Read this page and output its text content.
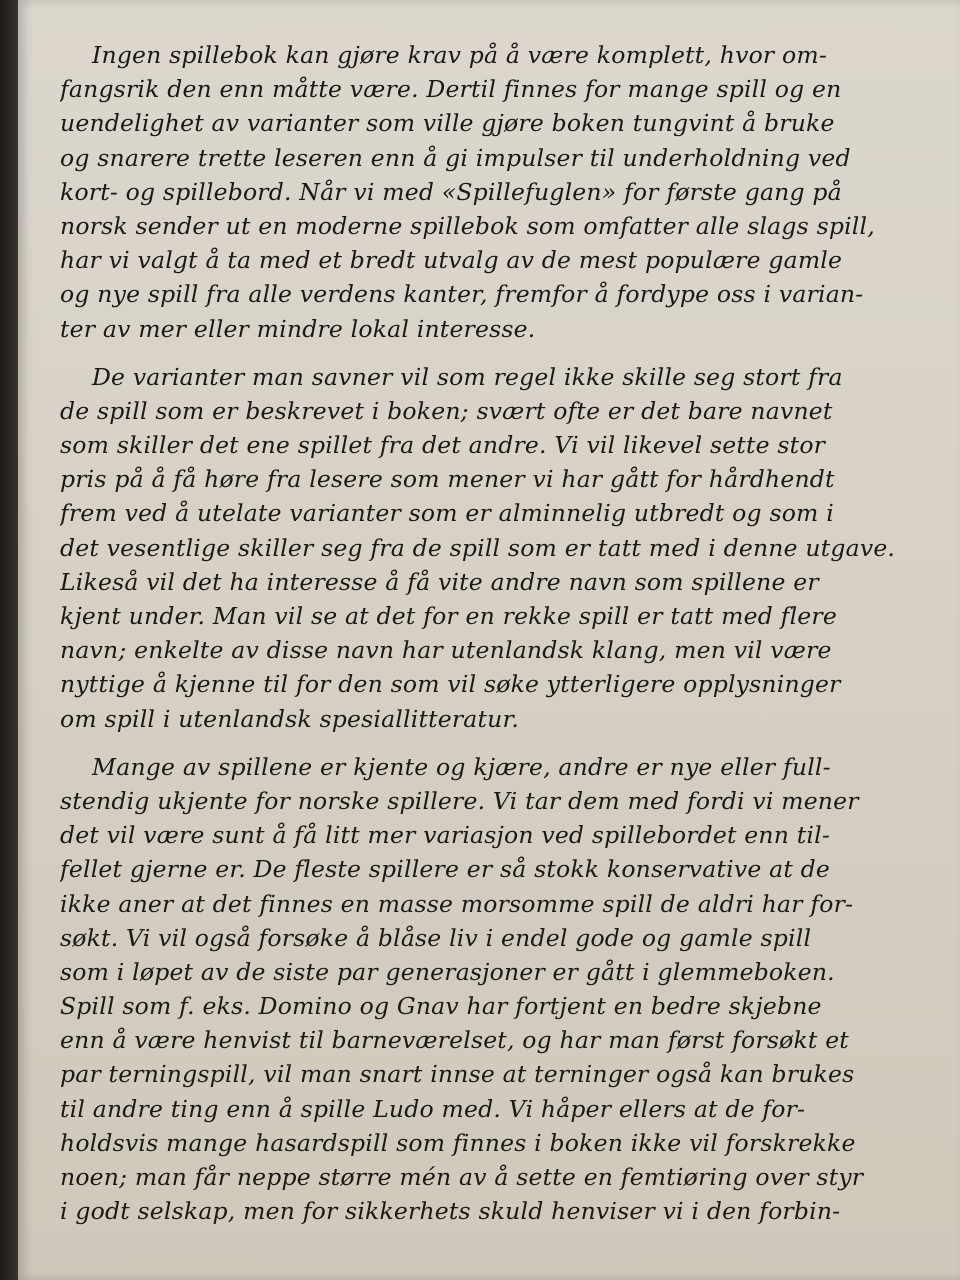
Ingen spillebok kan gjøre krav på å være komplett, hvor om-
fangsrik den enn måtte være. Dertil finnes for mange spill og en
uendelighet av varianter som ville gjøre boken tungvint å bruke
og snarere trette leseren enn å gi impulser til underholdning ved
kort- og spillebord. Når vi med «Spillefuglen» for første gang på
norsk sender ut en moderne spillebok som omfatter alle slags spill,
har vi valgt å ta med et bredt utvalg av de mest populære gamle
og nye spill fra alle verdens kanter, fremfor å fordype oss i varian-
ter av mer eller mindre lokal interesse.
De varianter man savner vil som regel ikke skille seg stort fra
de spill som er beskrevet i boken; svært ofte er det bare navnet
som skiller det ene spillet fra det andre. Vi vil likevel sette stor
pris på å få høre fra lesere som mener vi har gått for hårdhendt
frem ved å utelate varianter som er alminnelig utbredt og som i
det vesentlige skiller seg fra de spill som er tatt med i denne utgave.
Likeså vil det ha interesse å få vite andre navn som spillene er
kjent under. Man vil se at det for en rekke spill er tatt med flere
navn; enkelte av disse navn har utenlandsk klang, men vil være
nyttige å kjenne til for den som vil søke ytterligere opplysninger
om spill i utenlandsk spesiallitteratur.
Mange av spillene er kjente og kjære, andre er nye eller full-
stendig ukjente for norske spillere. Vi tar dem med fordi vi mener
det vil være sunt å få litt mer variasjon ved spillebordet enn til-
fellet gjerne er. De fleste spillere er så stokk konservative at de
ikke aner at det finnes en masse morsomme spill de aldri har for-
søkt. Vi vil også forsøke å blåse liv i endel gode og gamle spill
som i løpet av de siste par generasjoner er gått i glemmeboken.
Spill som f. eks. Domino og Gnav har fortjent en bedre skjebne
enn å være henvist til barneværelset, og har man først forsøkt et
par terningspill, vil man snart innse at terninger også kan brukes
til andre ting enn å spille Ludo med. Vi håper ellers at de for-
holdsvis mange hasardspill som finnes i boken ikke vil forskrekke
noen; man får neppe større mén av å sette en femtiøring over styr
i godt selskap, men for sikkerhets skuld henviser vi i den forbin-
